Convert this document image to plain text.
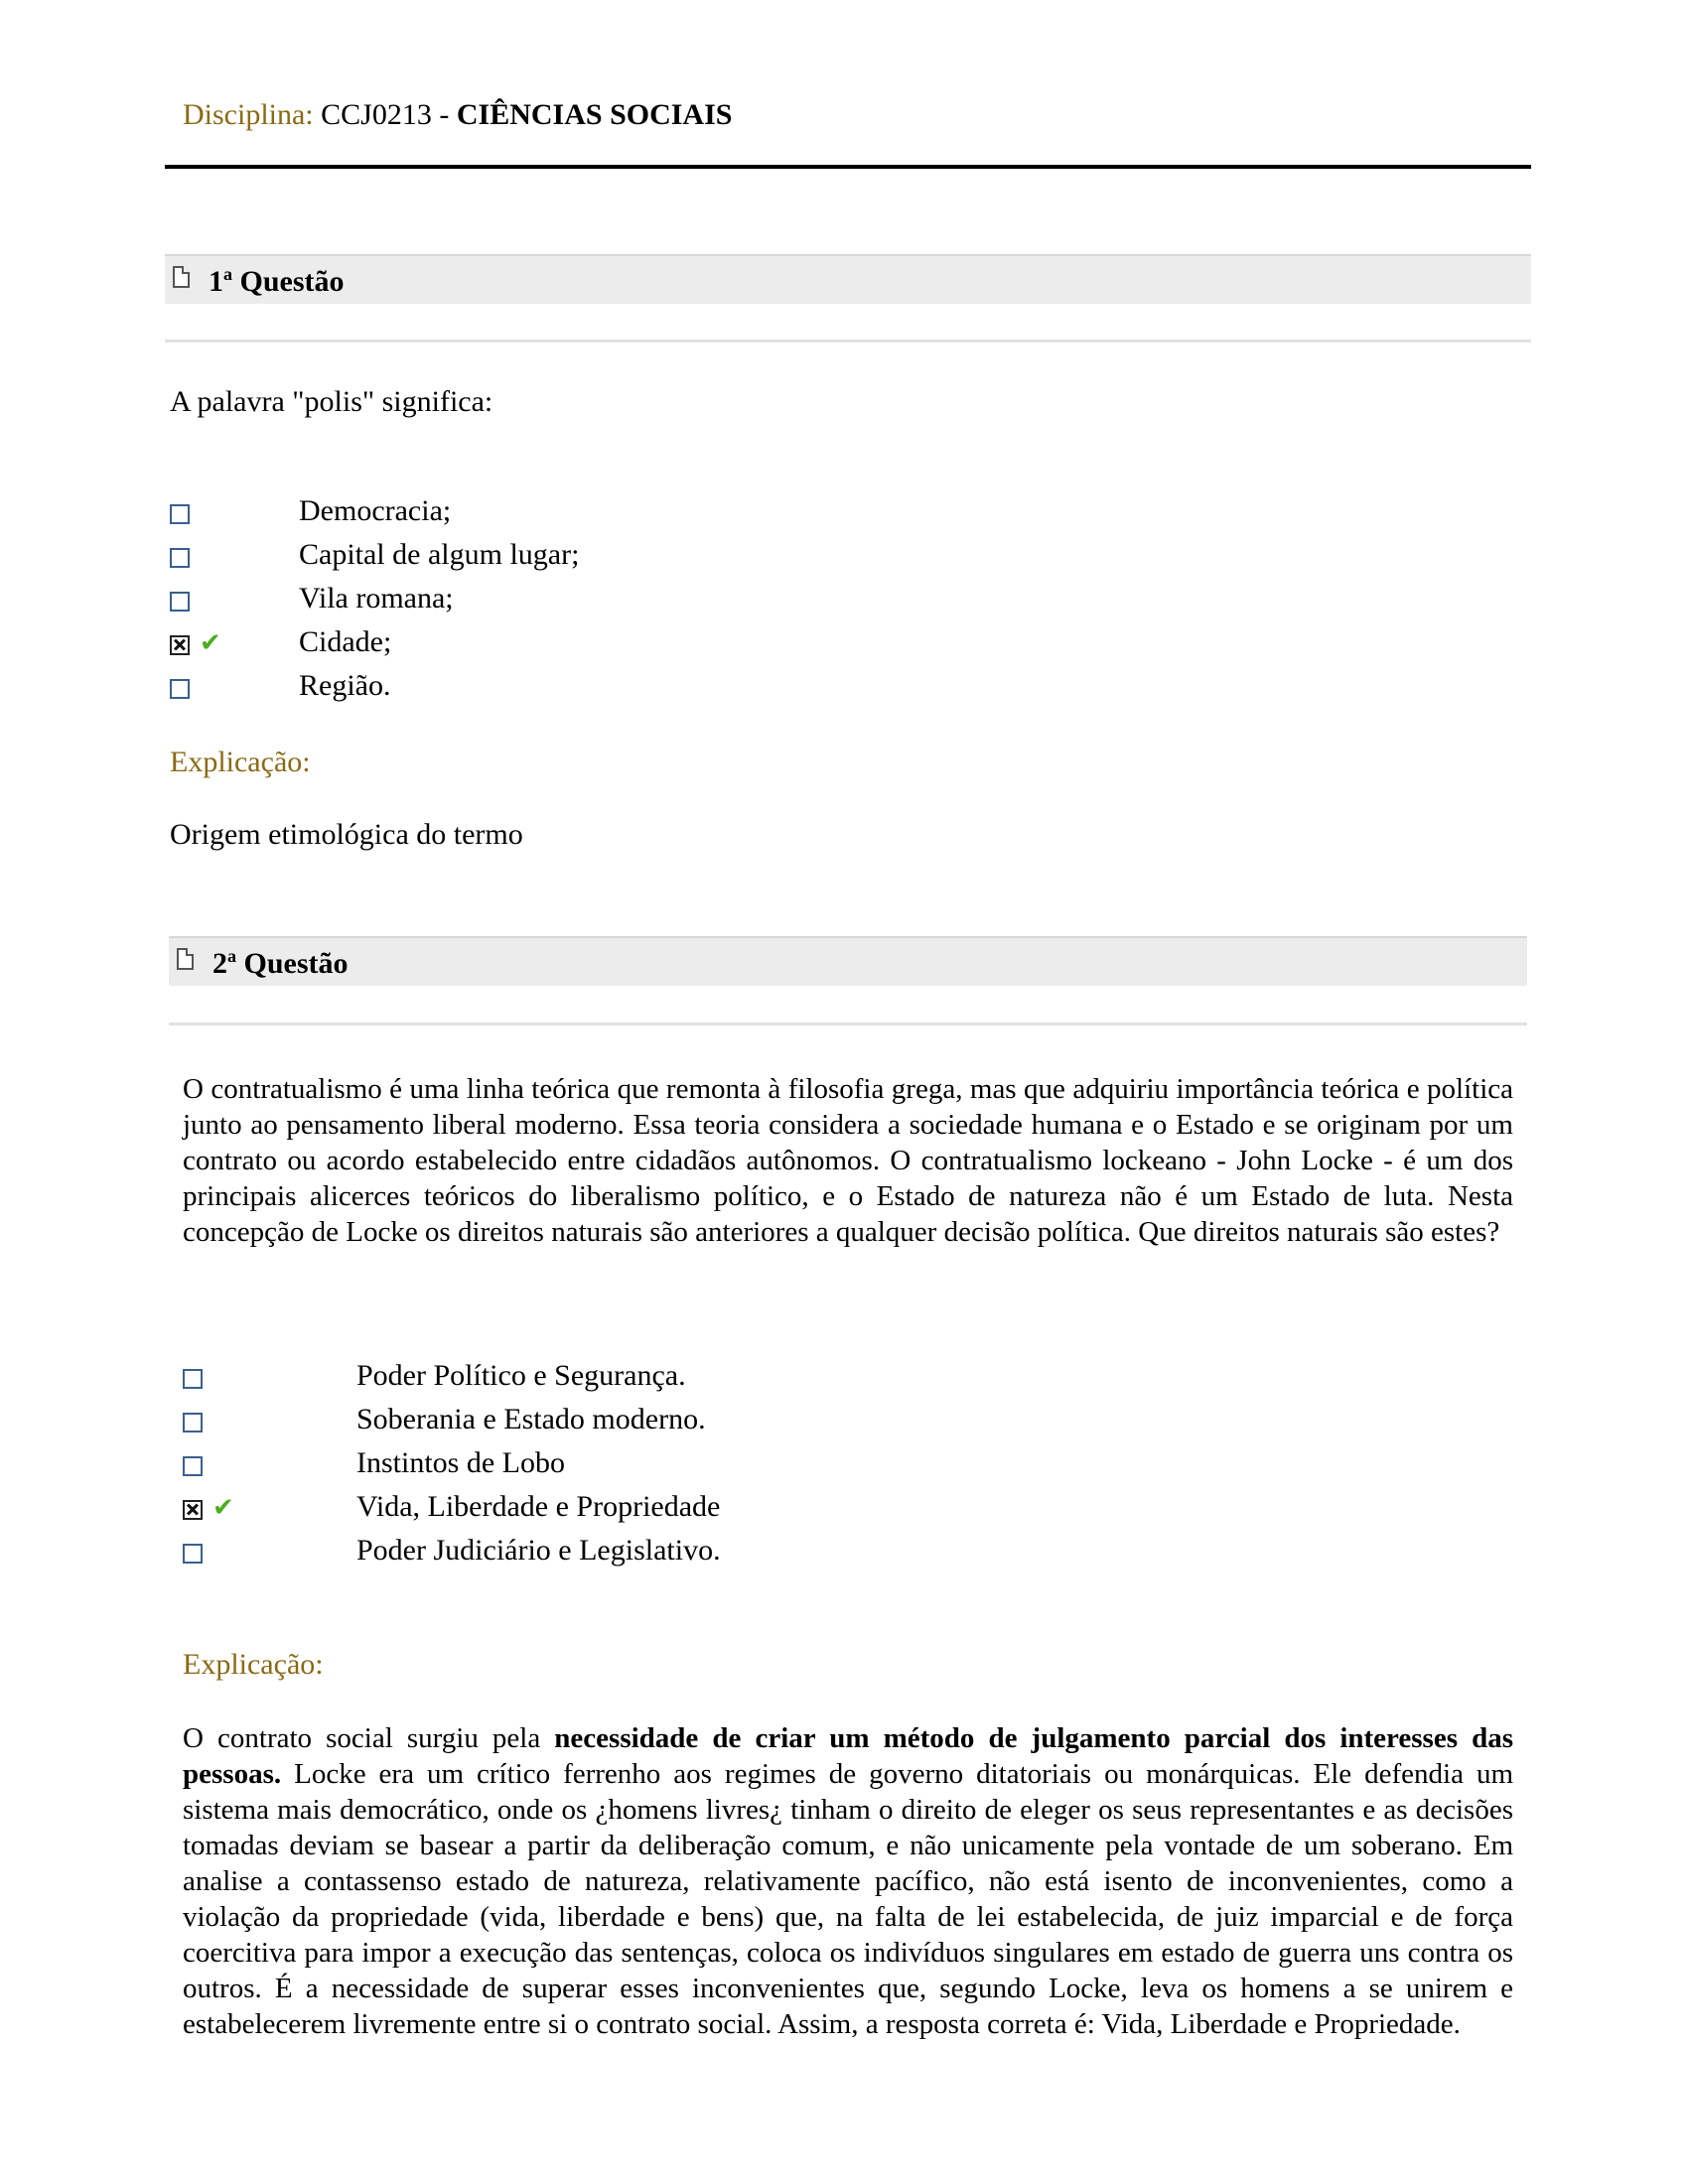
Disciplina: CCJ0213 - CIÊNCIAS SOCIAIS
1$^a$ Questão
A palavra "polis" significa:
Democracia;
Capital de algum lugar;
Vila romana;
✔	Cidade;
Região.
Explicação:
Origem etimológica do termo
2$^a$ Questão
O contratualismo é uma linha teórica que remonta à filosofia grega, mas que adquiriu importância teórica e política junto ao pensamento liberal moderno. Essa teoria considera a sociedade humana e o Estado e se originam por um contrato ou acordo estabelecido entre cidadãos autônomos. O contratualismo lockeano - John Locke - é um dos principais alicerces teóricos do liberalismo político, e o Estado de natureza não é um Estado de luta. Nesta concepção de Locke os direitos naturais são anteriores a qualquer decisão política. Que direitos naturais são estes?
Poder Político e Segurança.
Soberania e Estado moderno.
Instintos de Lobo
✔	Vida, Liberdade e Propriedade
Poder Judiciário e Legislativo.
Explicação:
O contrato social surgiu pela necessidade de criar um método de julgamento parcial dos interesses das pessoas. Locke era um crítico ferrenho aos regimes de governo ditatoriais ou monárquicas. Ele defendia um sistema mais democrático, onde os ¿homens livres¿ tinham o direito de eleger os seus representantes e as decisões tomadas deviam se basear a partir da deliberação comum, e não unicamente pela vontade de um soberano. Em analise a contassenso estado de natureza, relativamente pacífico, não está isento de inconvenientes, como a violação da propriedade (vida, liberdade e bens) que, na falta de lei estabelecida, de juiz imparcial e de força coercitiva para impor a execução das sentenças, coloca os indivíduos singulares em estado de guerra uns contra os outros. É a necessidade de superar esses inconvenientes que, segundo Locke, leva os homens a se unirem e estabelecerem livremente entre si o contrato social. Assim, a resposta correta é: Vida, Liberdade e Propriedade.
